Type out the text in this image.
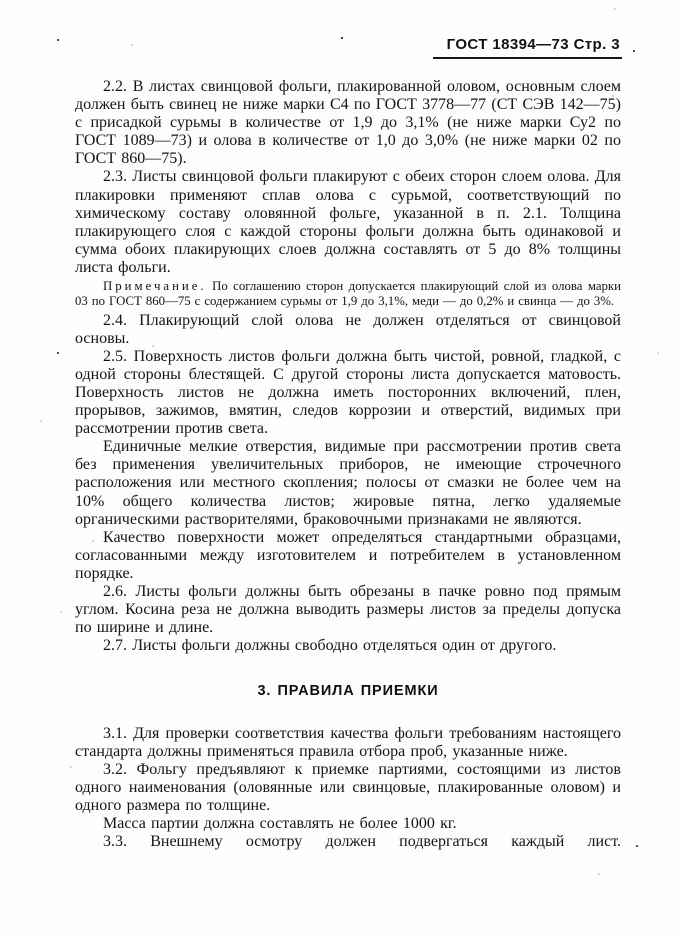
ГОСТ 18394—73 Стр. 3

2.2. В листах свинцовой фольги, плакированной оловом, основным слоем должен быть свинец не ниже марки С4 по ГОСТ 3778—77 (СТ СЭВ 142—75) с присадкой сурьмы в количестве от 1,9 до 3,1% (не ниже марки Су2 по ГОСТ 1089—73) и олова в количестве от 1,0 до 3,0% (не ниже марки 02 по ГОСТ 860—75).

2.3. Листы свинцовой фольги плакируют с обеих сторон слоем олова. Для плакировки применяют сплав олова с сурьмой, соответствующий по химическому составу оловянной фольге, указанной в п. 2.1. Толщина плакирующего слоя с каждой стороны фольги должна быть одинаковой и сумма обоих плакирующих слоев должна составлять от 5 до 8% толщины листа фольги.

Примечание. По соглашению сторон допускается плакирующий слой из олова марки 03 по ГОСТ 860—75 с содержанием сурьмы от 1,9 до 3,1%, меди — до 0,2% и свинца — до 3%.

2.4. Плакирующий слой олова не должен отделяться от свинцовой основы.

2.5. Поверхность листов фольги должна быть чистой, ровной, гладкой, с одной стороны блестящей. С другой стороны листа допускается матовость. Поверхность листов не должна иметь посторонних включений, плен, прорывов, зажимов, вмятин, следов коррозии и отверстий, видимых при рассмотрении против света.

Единичные мелкие отверстия, видимые при рассмотрении против света без применения увеличительных приборов, не имеющие строчечного расположения или местного скопления; полосы от смазки не более чем на 10% общего количества листов; жировые пятна, легко удаляемые органическими растворителями, браковочными признаками не являются.

Качество поверхности может определяться стандартными образцами, согласованными между изготовителем и потребителем в установленном порядке.

2.6. Листы фольги должны быть обрезаны в пачке ровно под прямым углом. Косина реза не должна выводить размеры листов за пределы допуска по ширине и длине.

2.7. Листы фольги должны свободно отделяться один от другого.

3. ПРАВИЛА ПРИЕМКИ

3.1. Для проверки соответствия качества фольги требованиям настоящего стандарта должны применяться правила отбора проб, указанные ниже.

3.2. Фольгу предъявляют к приемке партиями, состоящими из листов одного наименования (оловянные или свинцовые, плакированные оловом) и одного размера по толщине.

Масса партии должна составлять не более 1000 кг.

3.3. Внешнему осмотру должен подвергаться каждый лист.
